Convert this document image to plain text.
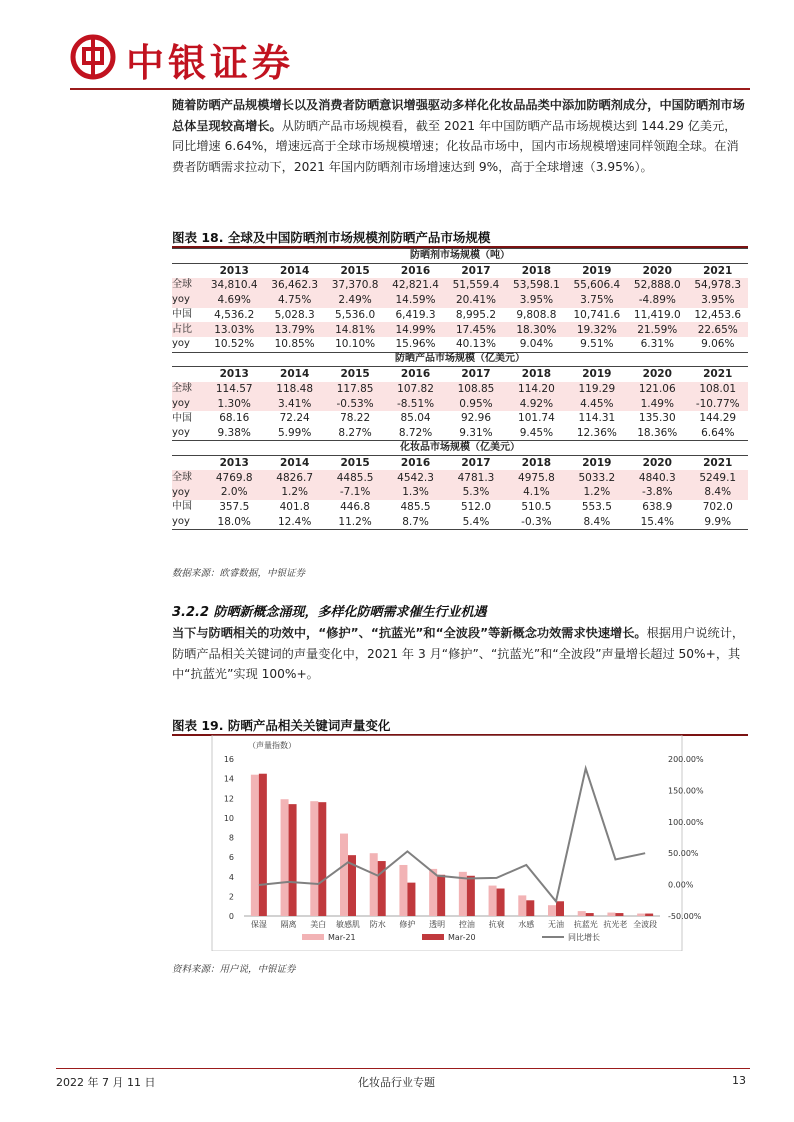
中银证券
随着防晒产品规模增长以及消费者防晒意识增强驱动多样化化妆品品类中添加防晒剂成分，中国防晒剂市场总体呈现较高增长。从防晒产品市场规模看，截至 2021 年中国防晒产品市场规模达到 144.29 亿美元，同比增速 6.64%，增速远高于全球市场规模增速；化妆品市场中，国内市场规模增速同样领跑全球。在消费者防晒需求拉动下，2021 年国内防晒剂市场增速达到 9%，高于全球增速（3.95%）。
图表 18. 全球及中国防晒剂市场规模剂防晒产品市场规模
防晒剂市场规模（吨）									
	2013	2014	2015	2016	2017	2018	2019	2020	2021
全球	34,810.4	36,462.3	37,370.8	42,821.4	51,559.4	53,598.1	55,606.4	52,888.0	54,978.3
yoy	4.69%	4.75%	2.49%	14.59%	20.41%	3.95%	3.75%	-4.89%	3.95%
中国	4,536.2	5,028.3	5,536.0	6,419.3	8,995.2	9,808.8	10,741.6	11,419.0	12,453.6
占比	13.03%	13.79%	14.81%	14.99%	17.45%	18.30%	19.32%	21.59%	22.65%
yoy	10.52%	10.85%	10.10%	15.96%	40.13%	9.04%	9.51%	6.31%	9.06%
防晒产品市场规模（亿美元）									
	2013	2014	2015	2016	2017	2018	2019	2020	2021
全球	114.57	118.48	117.85	107.82	108.85	114.20	119.29	121.06	108.01
yoy	1.30%	3.41%	-0.53%	-8.51%	0.95%	4.92%	4.45%	1.49%	-10.77%
中国	68.16	72.24	78.22	85.04	92.96	101.74	114.31	135.30	144.29
yoy	9.38%	5.99%	8.27%	8.72%	9.31%	9.45%	12.36%	18.36%	6.64%
化妆品市场规模（亿美元）									
	2013	2014	2015	2016	2017	2018	2019	2020	2021
全球	4769.8	4826.7	4485.5	4542.3	4781.3	4975.8	5033.2	4840.3	5249.1
yoy	2.0%	1.2%	-7.1%	1.3%	5.3%	4.1%	1.2%	-3.8%	8.4%
中国	357.5	401.8	446.8	485.5	512.0	510.5	553.5	638.9	702.0
yoy	18.0%	12.4%	11.2%	8.7%	5.4%	-0.3%	8.4%	15.4%	9.9%
数据来源：欧睿数据，中银证券
3.2.2 防晒新概念涌现，多样化防晒需求催生行业机遇
当下与防晒相关的功效中，“修护”、“抗蓝光”和“全波段”等新概念功效需求快速增长。根据用户说统计，防晒产品相关关键词的声量变化中，2021 年 3 月“修护”、“抗蓝光”和“全波段”声量增长超过 50%+，其中“抗蓝光”实现 100%+。
图表 19. 防晒产品相关关键词声量变化
（声量指数）
0
2
4
6
8
10
12
14
16
-50.00%
0.00%
50.00%
100.00%
150.00%
200.00%
保湿 隔离 美白 敏感肌 防水 修护 透明 控油 抗衰 水感 无油 抗蓝光 抗光老 全波段
Mar-21	Mar-20	同比增长
资料来源：用户说，中银证券
2022 年 7 月 11 日	化妆品行业专题	13
